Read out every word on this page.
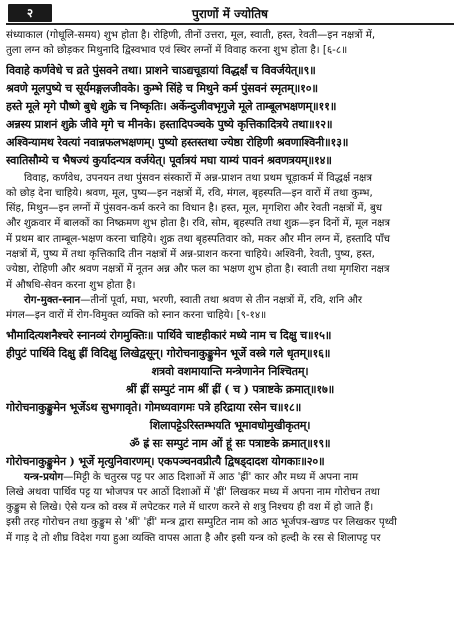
२	पुराणों में ज्योतिष
संध्याकाल (गोधूलि-समय) शुभ होता है। रोहिणी, तीनों उत्तरा, मूल, स्वाती, हस्त, रेवती—इन नक्षत्रों में,
तुला लग्न को छोड़कर मिथुनादि द्विस्वभाव एवं स्थिर लग्नों में विवाह करना शुभ होता है। [६-८॥
विवाहे कर्णवेधे च व्रते पुंसवने तथा। प्राशने चाऽद्यचूडायां विद्धर्क्षं च विवर्जयेत्॥९॥
श्रवणे मूलपुष्ये च सूर्यमङ्गलजीवके। कुम्भे सिंहे च मिथुने कर्म पुंसवनं स्मृतम्॥१०॥
हस्ते मूले मृगे पौष्णे बुधे शुक्रे च निष्कृतिः। अर्केन्दुजीवभृगुजे मूले ताम्बूलभक्षणम्॥११॥
अन्नस्य प्राशनं शुक्रे जीवे मृगे च मीनके। हस्तादिपञ्चके पुष्ये कृत्तिकादित्रये तथा॥१२॥
अश्विन्यामथ रेवत्यां नवान्नफलभक्षणम्। पुष्यो हस्तस्तथा ज्येष्ठा रोहिणी श्रवणाश्विनी॥१३॥
स्वातिसौम्ये च भैषज्यं कुर्यादन्यत्र वर्जयेत्। पूर्वात्रयं मघा याम्यं पावनं श्रवणत्रयम्॥१४॥
विवाह, कर्णवेध, उपनयन तथा पुंसवन संस्कारों में अन्न-प्राशन तथा प्रथम चूड़ाकर्म में विद्धर्क्ष नक्षत्र
को छोड़ देना चाहिये। श्रवण, मूल, पुष्य—इन नक्षत्रों में, रवि, मंगल, बृहस्पति—इन वारों में तथा कुम्भ,
सिंह, मिथुन—इन लग्नों में पुंसवन-कर्म करने का विधान है। हस्त, मूल, मृगशिरा और रेवती नक्षत्रों में, बुध
और शुक्रवार में बालकों का निष्क्रमण शुभ होता है। रवि, सोम, बृहस्पति तथा शुक्र—इन दिनों में, मूल नक्षत्र
में प्रथम बार ताम्बूल-भक्षण करना चाहिये। शुक्र तथा बृहस्पतिवार को, मकर और मीन लग्न में, हस्तादि पाँच
नक्षत्रों में, पुष्य में तथा कृत्तिकादि तीन नक्षत्रों में अन्न-प्राशन करना चाहिये। अश्विनी, रेवती, पुष्य, हस्त,
ज्येष्ठा, रोहिणी और श्रवण नक्षत्रों में नूतन अन्न और फल का भक्षण शुभ होता है। स्वाती तथा मृगशिरा नक्षत्र
में औषधि-सेवन करना शुभ होता है।
रोग-मुक्त-स्नान—तीनों पूर्वा, मघा, भरणी, स्वाती तथा श्रवण से तीन नक्षत्रों में, रवि, शनि और
मंगल—इन वारों में रोग-विमुक्त व्यक्ति को स्नान करना चाहिये। [९-१४॥
भौमादित्यशनैश्चरे स्नानव्यं रोगमुक्तिः॥ पार्थिवे चाष्टहीकारं मध्ये नाम च दिक्षु च॥१५॥
हीपुटं पार्थिवे दिक्षु ह्रीं विदिक्षु लिखेद्वसून्। गोरोचनाकुङ्कुमेन भूर्जे वस्त्रे गले धृतम्॥१६॥
शत्रवो वशमायान्ति मन्त्रेणानेन निश्चितम्।
श्रीं ह्रीं सम्पुटं नाम श्रीं ह्रीं ( च ) पत्राष्टके क्रमात्॥१७॥
गोरोचनाकुङ्कुमेन भूर्जेऽथ सुभगावृते। गोमध्यवागमः पत्रे हरिद्राया रसेन च॥१८॥
शिलापट्टेऽरिस्तम्भयति भूमावधोमुखीकृतम्।
ॐ ह्रं सः सम्पुटं नाम ओं हूं सः पत्राष्टके क्रमात्॥१९॥
गोरोचनाकुङ्कुमेन ) भूर्जे मृत्युनिवारणम्। एकपञ्चनवप्रीत्यै द्विषड्दादश योगकाः॥२०॥
यन्त्र-प्रयोग—मिट्टी के चतुरस्र पट्ट पर आठ दिशाओं में आठ 'ह्रीं' कार और मध्य में अपना नाम
लिखे अथवा पार्थिव पट्ट या भोजपत्र पर आठों दिशाओं में 'ह्रीं' लिखकर मध्य में अपना नाम गोरोचन तथा
कुङ्कुम से लिखे। ऐसे यन्त्र को वस्त्र में लपेटकर गले में धारण करने से शत्रु निश्चय ही वश में हो जाते हैं।
इसी तरह गोरोचन तथा कुङ्कुम से 'श्रीं' 'ह्रीं' मन्त्र द्वारा सम्पुटित नाम को आठ भूर्जपत्र-खण्ड पर लिखकर पृथ्वी
में गाड़ दे तो शीघ्र विदेश गया हुआ व्यक्ति वापस आता है और इसी यन्त्र को हल्दी के रस से शिलापट्ट पर
